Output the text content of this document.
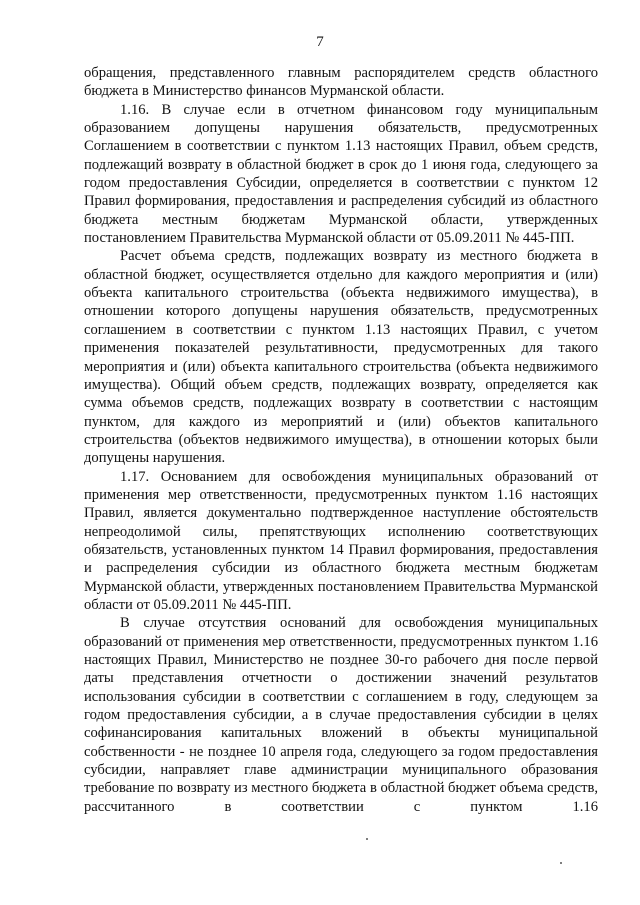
7

обращения, представленного главным распорядителем средств областного бюджета в Министерство финансов Мурманской области.

1.16. В случае если в отчетном финансовом году муниципальным образованием допущены нарушения обязательств, предусмотренных Соглашением в соответствии с пунктом 1.13 настоящих Правил, объем средств, подлежащий возврату в областной бюджет в срок до 1 июня года, следующего за годом предоставления Субсидии, определяется в соответствии с пунктом 12 Правил формирования, предоставления и распределения субсидий из областного бюджета местным бюджетам Мурманской области, утвержденных постановлением Правительства Мурманской области от 05.09.2011 № 445-ПП.

Расчет объема средств, подлежащих возврату из местного бюджета в областной бюджет, осуществляется отдельно для каждого мероприятия и (или) объекта капитального строительства (объекта недвижимого имущества), в отношении которого допущены нарушения обязательств, предусмотренных соглашением в соответствии с пунктом 1.13 настоящих Правил, с учетом применения показателей результативности, предусмотренных для такого мероприятия и (или) объекта капитального строительства (объекта недвижимого имущества). Общий объем средств, подлежащих возврату, определяется как сумма объемов средств, подлежащих возврату в соответствии с настоящим пунктом, для каждого из мероприятий и (или) объектов капитального строительства (объектов недвижимого имущества), в отношении которых были допущены нарушения.

1.17. Основанием для освобождения муниципальных образований от применения мер ответственности, предусмотренных пунктом 1.16 настоящих Правил, является документально подтвержденное наступление обстоятельств непреодолимой силы, препятствующих исполнению соответствующих обязательств, установленных пунктом 14 Правил формирования, предоставления и распределения субсидии из областного бюджета местным бюджетам Мурманской области, утвержденных постановлением Правительства Мурманской области от 05.09.2011 № 445-ПП.

В случае отсутствия оснований для освобождения муниципальных образований от применения мер ответственности, предусмотренных пунктом 1.16 настоящих Правил, Министерство не позднее 30-го рабочего дня после первой даты представления отчетности о достижении значений результатов использования субсидии в соответствии с соглашением в году, следующем за годом предоставления субсидии, а в случае предоставления субсидии в целях софинансирования капитальных вложений в объекты муниципальной собственности - не позднее 10 апреля года, следующего за годом предоставления субсидии, направляет главе администрации муниципального образования требование по возврату из местного бюджета в областной бюджет объема средств, рассчитанного в соответствии с пунктом 1.16
